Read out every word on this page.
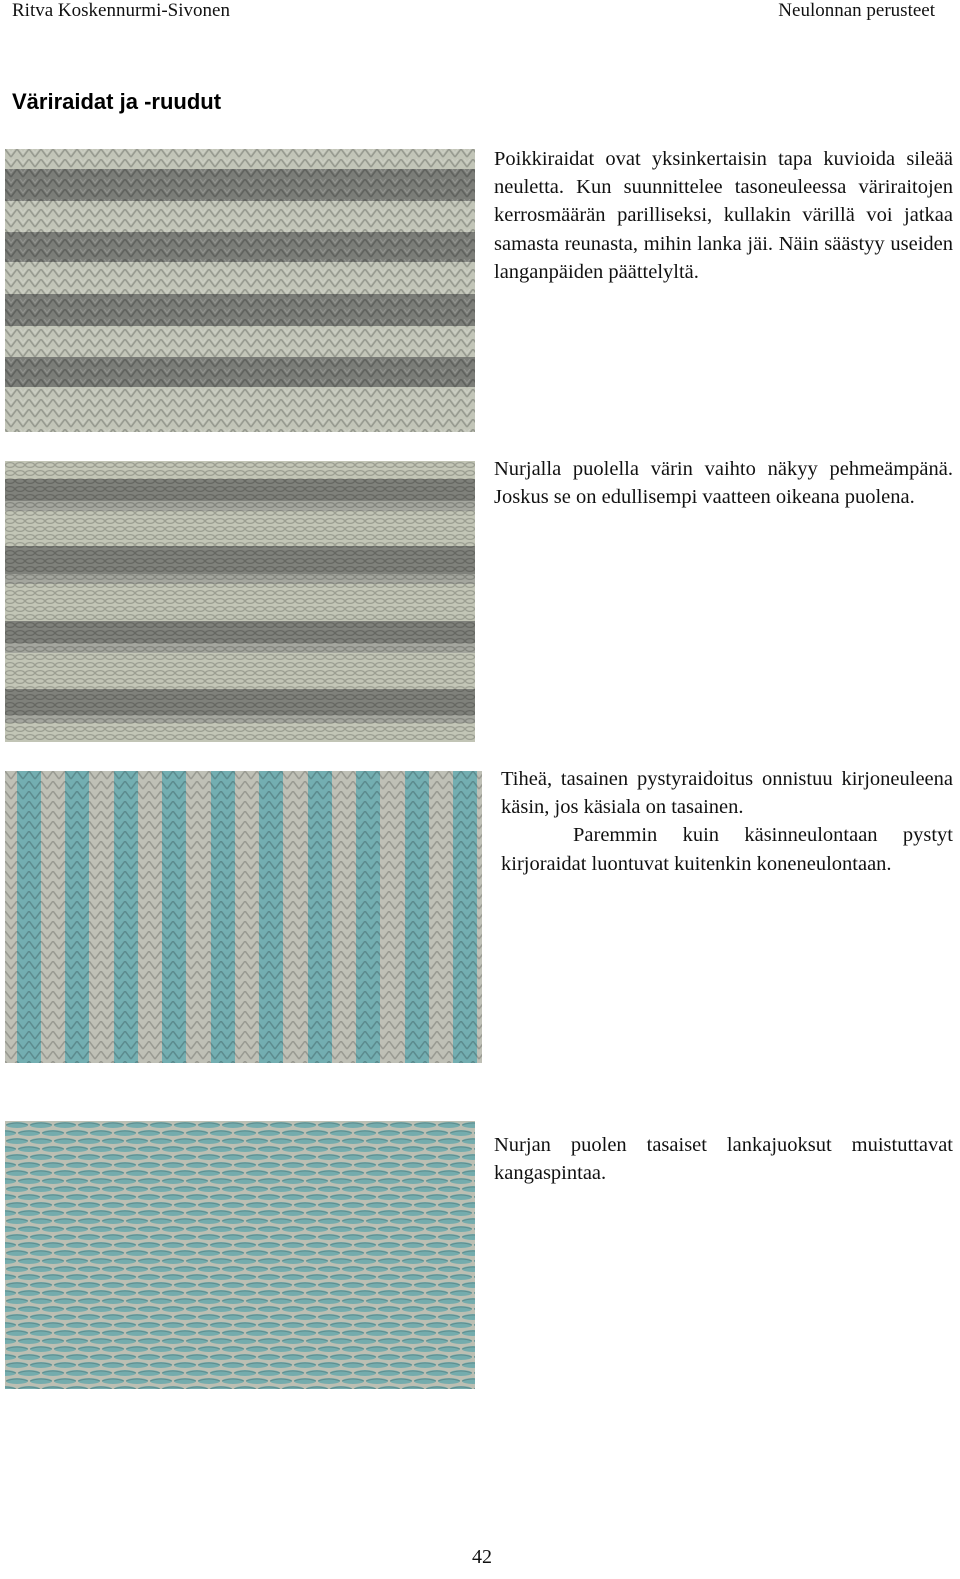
Ritva Koskennurmi-Sivonen	Neulonnan perusteet
Väriraidat ja -ruudut

Poikkiraidat ovat yksinkertaisin tapa kuvioida sileää neuletta. Kun suunnittelee tasoneuleessa väriraitojen kerrosmäärän parilliseksi, kullakin värillä voi jatkaa samasta reunasta, mihin lanka jäi. Näin säästyy useiden langanpäiden päättelyltä.

Nurjalla puolella värin vaihto näkyy pehmeämpänä. Joskus se on edullisempi vaatteen oikeana puolena.

Tiheä, tasainen pystyraidoitus onnistuu kirjoneuleena käsin, jos käsiala on tasainen.
Paremmin kuin käsinneulontaan pystyt kirjoraidat luontuvat kuitenkin koneneulontaan.

Nurjan puolen tasaiset lankajuoksut muistuttavat kangaspintaa.

42
